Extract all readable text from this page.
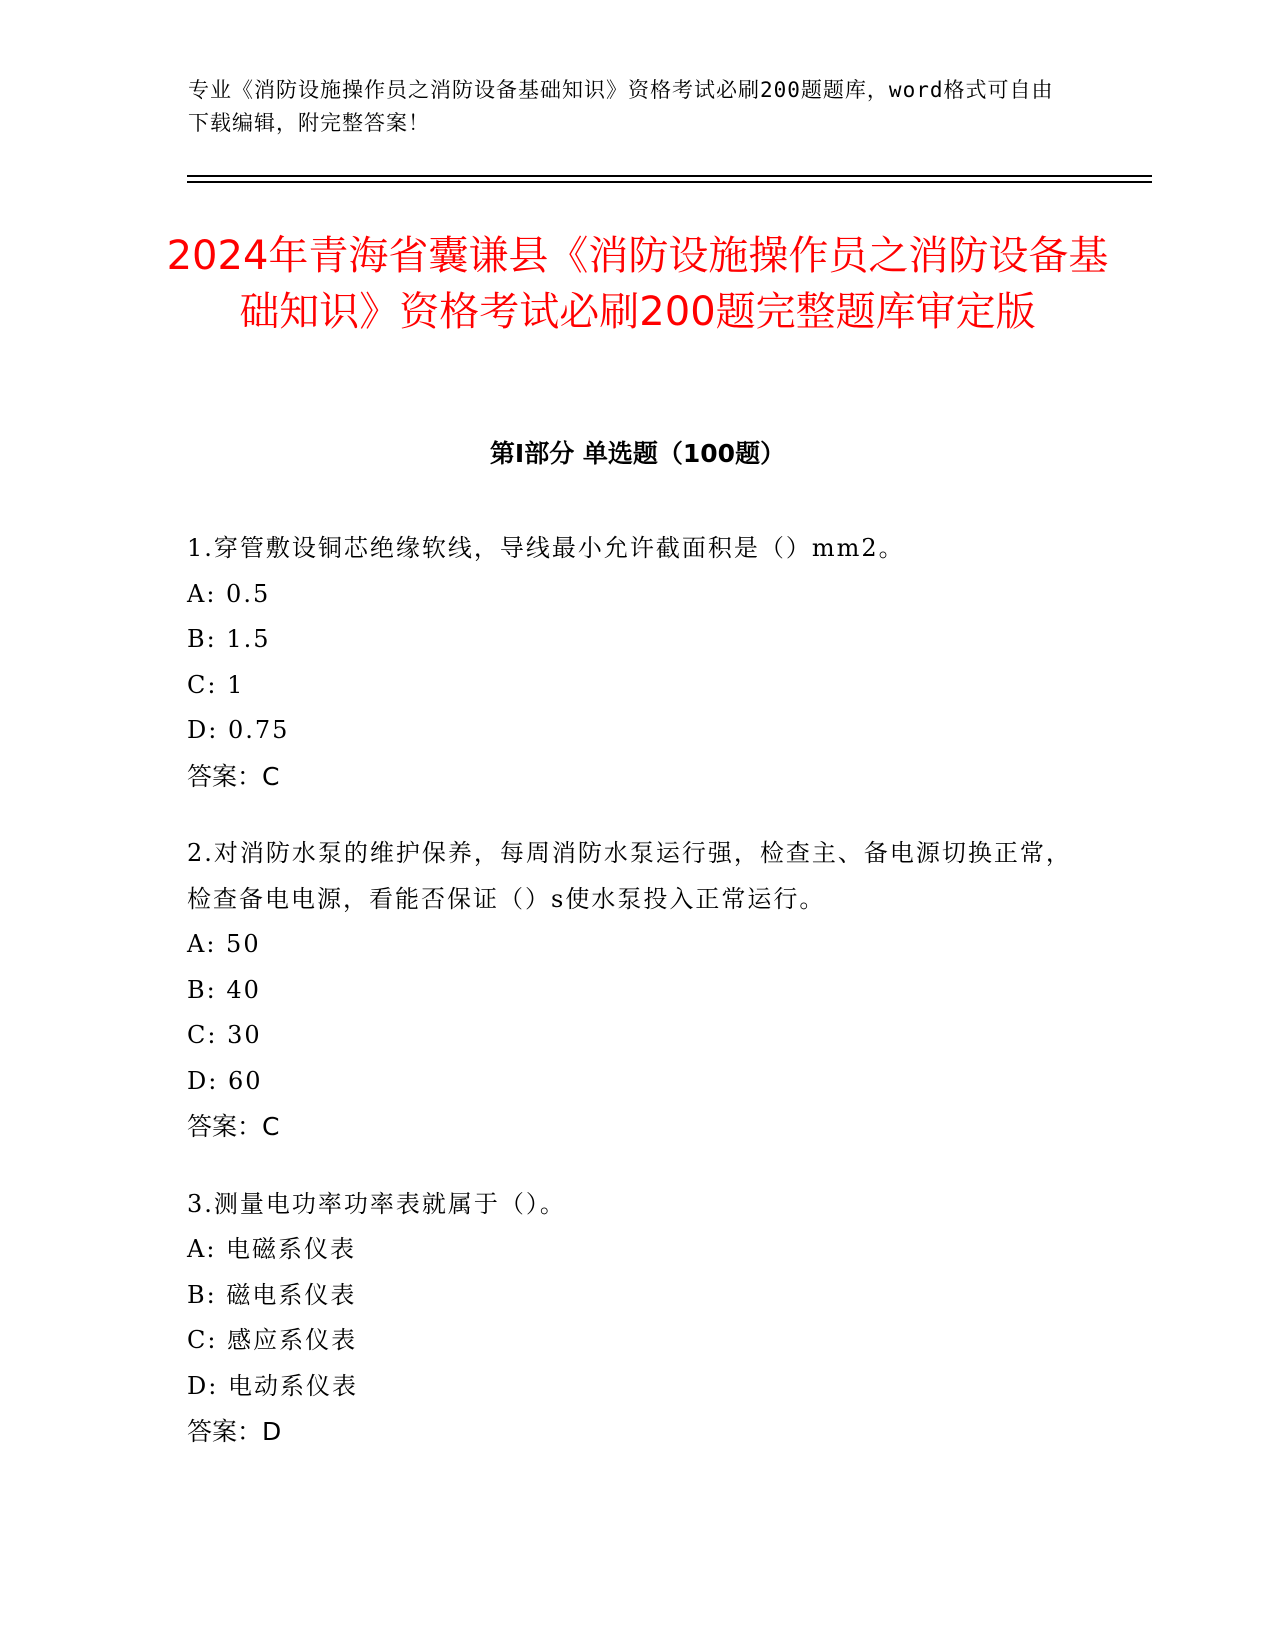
专业《消防设施操作员之消防设备基础知识》资格考试必刷200题题库，word格式可自由下载编辑，附完整答案！
2024年青海省囊谦县《消防设施操作员之消防设备基础知识》资格考试必刷200题完整题库审定版
第Ⅰ部分 单选题（100题）
1.穿管敷设铜芯绝缘软线，导线最小允许截面积是（）mm2。
A: 0.5
B: 1.5
C: 1
D: 0.75
答案：C
2.对消防水泵的维护保养，每周消防水泵运行强，检查主、备电源切换正常，检查备电电源，看能否保证（）s使水泵投入正常运行。
A: 50
B: 40
C: 30
D: 60
答案：C
3.测量电功率功率表就属于（）。
A: 电磁系仪表
B: 磁电系仪表
C: 感应系仪表
D: 电动系仪表
答案：D
